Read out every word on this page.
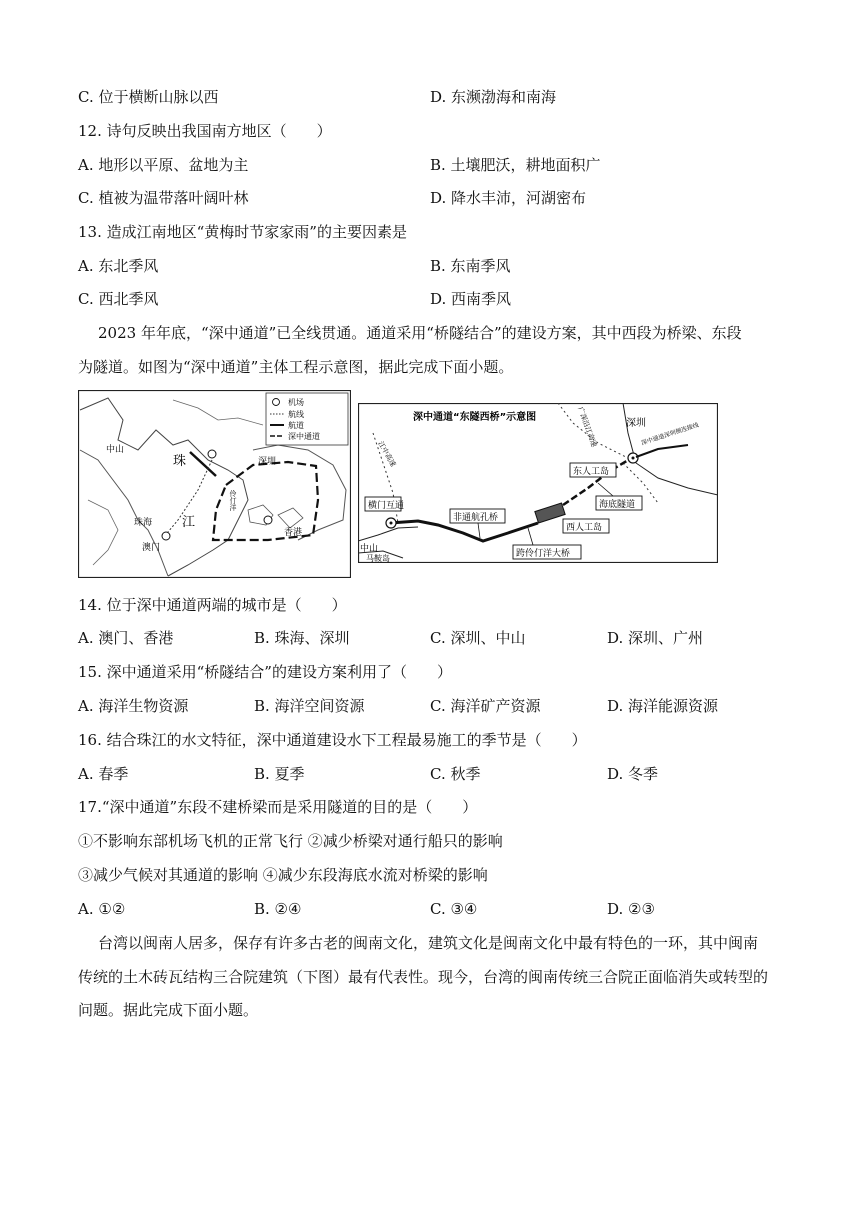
C. 位于横断山脉以西	D. 东濒渤海和南海
12. 诗句反映出我国南方地区（　　）
A. 地形以平原、盆地为主	B. 土壤肥沃，耕地面积广
C. 植被为温带落叶阔叶林	D. 降水丰沛，河湖密布
13. 造成江南地区“黄梅时节家家雨”的主要因素是
A. 东北季风	B. 东南季风
C. 西北季风	D. 西南季风
2023 年年底，“深中通道”已全线贯通。通道采用“桥隧结合”的建设方案，其中西段为桥梁、东段
为隧道。如图为“深中通道”主体工程示意图，据此完成下面小题。
机场
航线
航道
深中通道
珠
江
中山
珠海
澳门
深圳
香港
伶仃洋
深中通道“东隧西桥”示意图
横门互通
非通航孔桥
跨伶仃洋大桥
西人工岛
东人工岛
海底隧道
深圳
中山
马鞍岛
江中高速
广深沿江高速	深中通道深圳侧连接线
14. 位于深中通道两端的城市是（　　）
A. 澳门、香港	B. 珠海、深圳	C. 深圳、中山	D. 深圳、广州
15. 深中通道采用“桥隧结合”的建设方案利用了（　　）
A. 海洋生物资源	B. 海洋空间资源	C. 海洋矿产资源	D. 海洋能源资源
16. 结合珠江的水文特征，深中通道建设水下工程最易施工的季节是（　　）
A. 春季	B. 夏季	C. 秋季	D. 冬季
17.“深中通道”东段不建桥梁而是采用隧道的目的是（　　）
①不影响东部机场飞机的正常飞行 ②减少桥梁对通行船只的影响
③减少气候对其通道的影响 ④减少东段海底水流对桥梁的影响
A. ①②	B. ②④	C. ③④	D. ②③
台湾以闽南人居多，保存有许多古老的闽南文化，建筑文化是闽南文化中最有特色的一环，其中闽南
传统的土木砖瓦结构三合院建筑（下图）最有代表性。现今，台湾的闽南传统三合院正面临消失或转型的
问题。据此完成下面小题。
